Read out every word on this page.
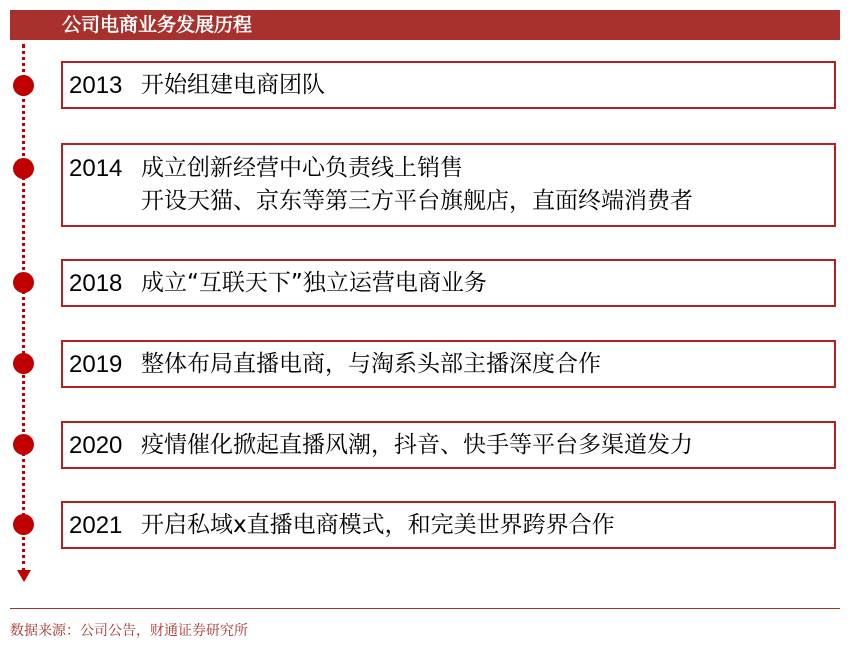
公司电商业务发展历程
2013 开始组建电商团队
2014 成立创新经营中心负责线上销售
开设天猫、京东等第三方平台旗舰店，直面终端消费者
2018 成立“互联天下”独立运营电商业务
2019 整体布局直播电商，与淘系头部主播深度合作
2020 疫情催化掀起直播风潮，抖音、快手等平台多渠道发力
2021 开启私域x直播电商模式，和完美世界跨界合作
数据来源：公司公告，财通证券研究所
